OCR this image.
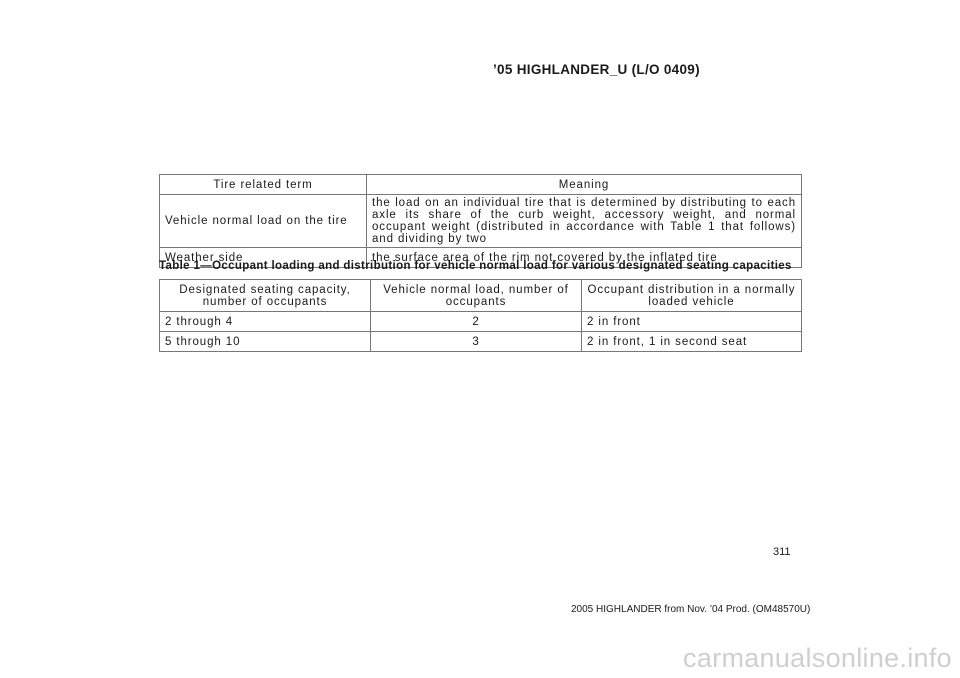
’05 HIGHLANDER_U (L/O 0409)
Tire related term	Meaning
Vehicle normal load on the tire	the load on an individual tire that is determined by distributing to each axle its share of the curb weight, accessory weight, and normal occupant weight (distributed in accordance with Table 1 that follows) and dividing by two
Weather side	the surface area of the rim not covered by the inflated tire
Table 1—Occupant loading and distribution for vehicle normal load for various designated seating capacities
Designated seating capacity, number of occupants	Vehicle normal load, number of occupants	Occupant distribution in a normally loaded vehicle
2 through 4	2	2 in front
5 through 10	3	2 in front, 1 in second seat
311
2005 HIGHLANDER from Nov. ’04 Prod. (OM48570U)
carmanualsonline.info
